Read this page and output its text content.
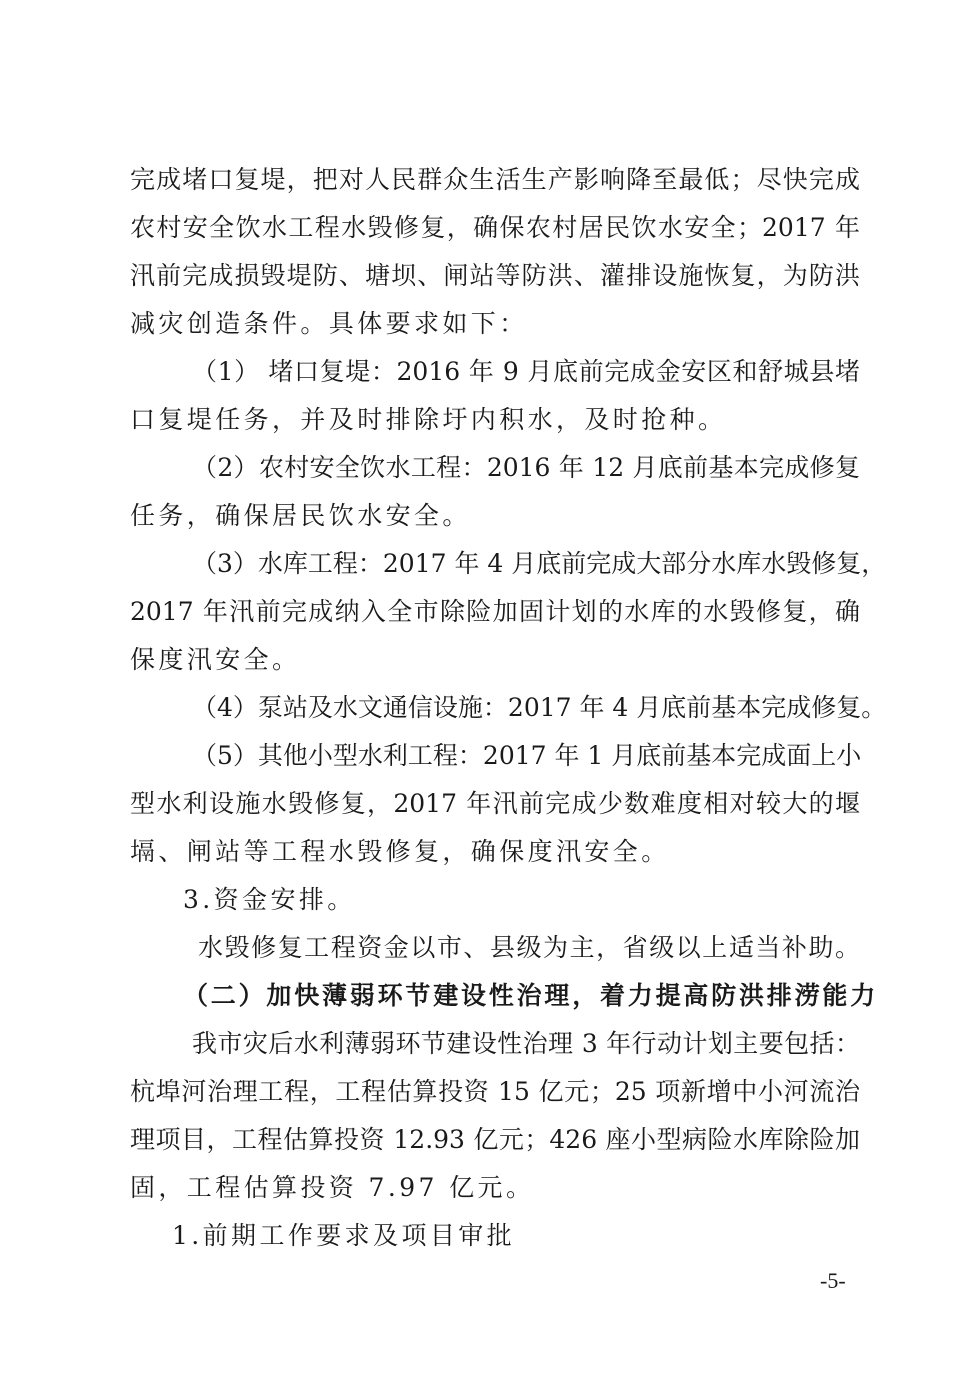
完成堵口复堤，把对人民群众生活生产影响降至最低；尽快完成
农村安全饮水工程水毁修复，确保农村居民饮水安全；2017 年
汛前完成损毁堤防、塘坝、闸站等防洪、灌排设施恢复，为防洪
减灾创造条件。具体要求如下：
（1） 堵口复堤：2016 年 9 月底前完成金安区和舒城县堵
口复堤任务，并及时排除圩内积水，及时抢种。
（2）农村安全饮水工程：2016 年 12 月底前基本完成修复
任务，确保居民饮水安全。
（3）水库工程：2017 年 4 月底前完成大部分水库水毁修复，
2017 年汛前完成纳入全市除险加固计划的水库的水毁修复，确
保度汛安全。
（4）泵站及水文通信设施：2017 年 4 月底前基本完成修复。
（5）其他小型水利工程：2017 年 1 月底前基本完成面上小
型水利设施水毁修复，2017 年汛前完成少数难度相对较大的堰
塥、闸站等工程水毁修复，确保度汛安全。
3.资金安排。
水毁修复工程资金以市、县级为主，省级以上适当补助。
（二）加快薄弱环节建设性治理，着力提高防洪排涝能力
我市灾后水利薄弱环节建设性治理 3 年行动计划主要包括：
杭埠河治理工程，工程估算投资 15 亿元；25 项新增中小河流治
理项目，工程估算投资 12.93 亿元；426 座小型病险水库除险加
固，工程估算投资 7.97 亿元。
1.前期工作要求及项目审批
-5-
